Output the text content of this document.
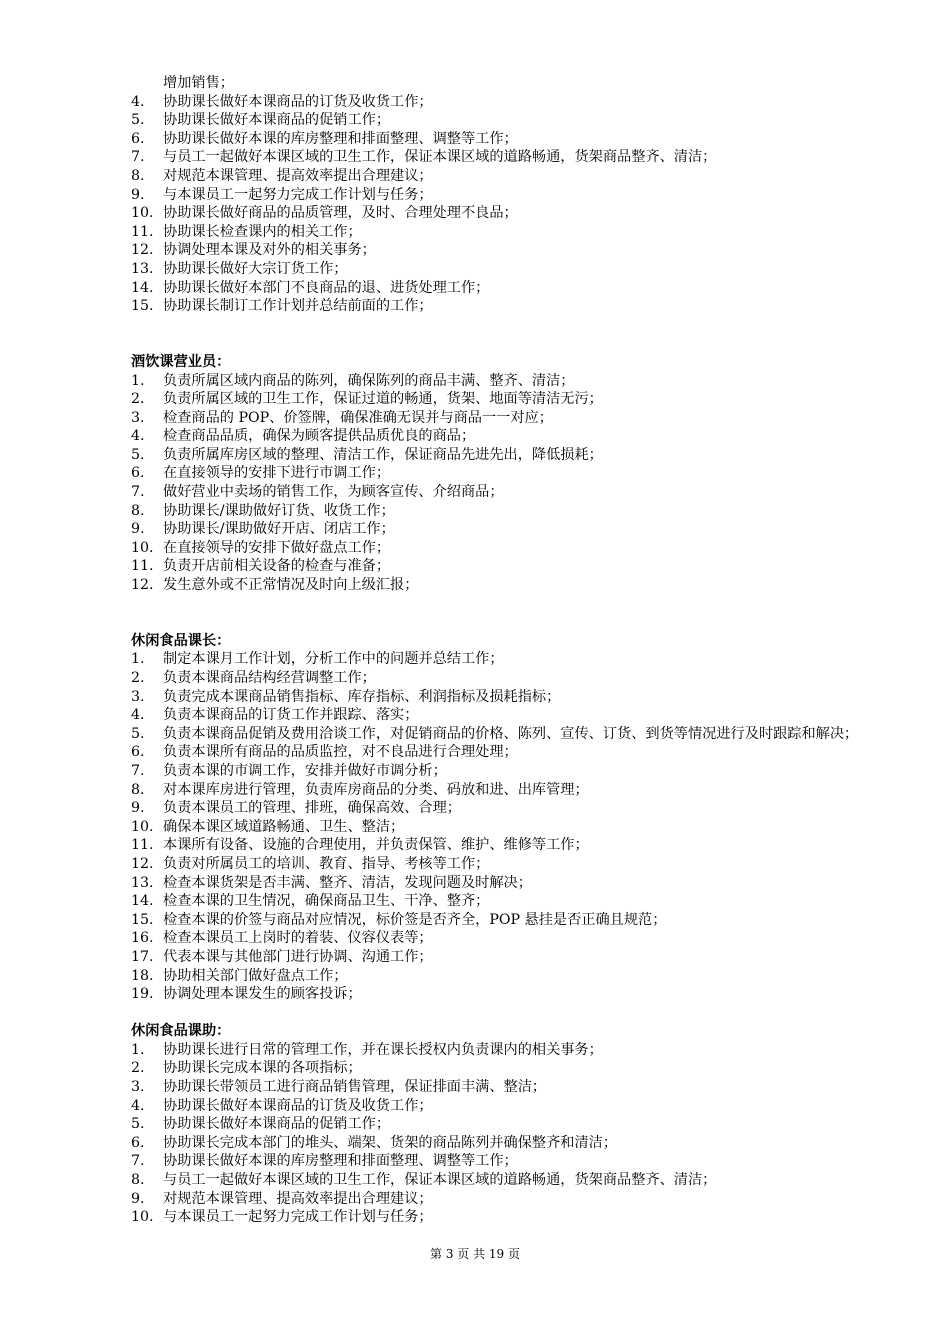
增加销售；
4.	协助课长做好本课商品的订货及收货工作；
5.	协助课长做好本课商品的促销工作；
6.	协助课长做好本课的库房整理和排面整理、调整等工作；
7.	与员工一起做好本课区域的卫生工作，保证本课区域的道路畅通，货架商品整齐、清洁；
8.	对规范本课管理、提高效率提出合理建议；
9.	与本课员工一起努力完成工作计划与任务；
10. 协助课长做好商品的品质管理，及时、合理处理不良品；
11. 协助课长检查课内的相关工作；
12. 协调处理本课及对外的相关事务；
13. 协助课长做好大宗订货工作；
14. 协助课长做好本部门不良商品的退、进货处理工作；
15. 协助课长制订工作计划并总结前面的工作；
酒饮课营业员：
1.	负责所属区域内商品的陈列，确保陈列的商品丰满、整齐、清洁；
2.	负责所属区域的卫生工作，保证过道的畅通，货架、地面等清洁无污；
3.	检查商品的 POP、价签牌，确保准确无误并与商品一一对应；
4.	检查商品品质，确保为顾客提供品质优良的商品；
5.	负责所属库房区域的整理、清洁工作，保证商品先进先出，降低损耗；
6.	在直接领导的安排下进行市调工作；
7.	做好营业中卖场的销售工作，为顾客宣传、介绍商品；
8.	协助课长/课助做好订货、收货工作；
9.	协助课长/课助做好开店、闭店工作；
10. 在直接领导的安排下做好盘点工作；
11. 负责开店前相关设备的检查与准备；
12. 发生意外或不正常情况及时向上级汇报；
休闲食品课长：
1.	制定本课月工作计划，分析工作中的问题并总结工作；
2.	负责本课商品结构经营调整工作；
3.	负责完成本课商品销售指标、库存指标、利润指标及损耗指标；
4.	负责本课商品的订货工作并跟踪、落实；
5.	负责本课商品促销及费用洽谈工作，对促销商品的价格、陈列、宣传、订货、到货等情况进行及时跟踪和解决；
6.	负责本课所有商品的品质监控，对不良品进行合理处理；
7.	负责本课的市调工作，安排并做好市调分析；
8.	对本课库房进行管理，负责库房商品的分类、码放和进、出库管理；
9.	负责本课员工的管理、排班，确保高效、合理；
10. 确保本课区域道路畅通、卫生、整洁；
11. 本课所有设备、设施的合理使用，并负责保管、维护、维修等工作；
12. 负责对所属员工的培训、教育、指导、考核等工作；
13. 检查本课货架是否丰满、整齐、清洁，发现问题及时解决；
14. 检查本课的卫生情况，确保商品卫生、干净、整齐；
15. 检查本课的价签与商品对应情况，标价签是否齐全，POP 悬挂是否正确且规范；
16. 检查本课员工上岗时的着装、仪容仪表等；
17. 代表本课与其他部门进行协调、沟通工作；
18. 协助相关部门做好盘点工作；
19. 协调处理本课发生的顾客投诉；
休闲食品课助：
1.	协助课长进行日常的管理工作，并在课长授权内负责课内的相关事务；
2.	协助课长完成本课的各项指标；
3.	协助课长带领员工进行商品销售管理，保证排面丰满、整洁；
4.	协助课长做好本课商品的订货及收货工作；
5.	协助课长做好本课商品的促销工作；
6.	协助课长完成本部门的堆头、端架、货架的商品陈列并确保整齐和清洁；
7.	协助课长做好本课的库房整理和排面整理、调整等工作；
8.	与员工一起做好本课区域的卫生工作，保证本课区域的道路畅通，货架商品整齐、清洁；
9.	对规范本课管理、提高效率提出合理建议；
10. 与本课员工一起努力完成工作计划与任务；
第 3 页 共 19 页
